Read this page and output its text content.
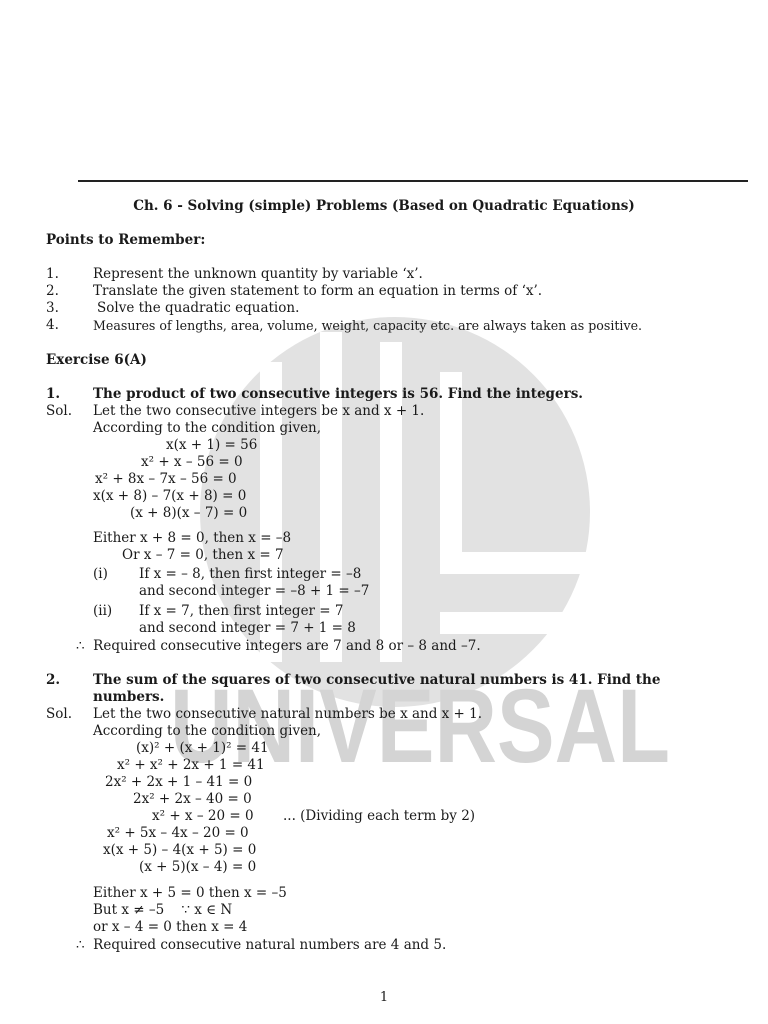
UNIVERSAL
Ch. 6 - Solving (simple) Problems (Based on Quadratic Equations)
Points to Remember:
1.	Represent the unknown quantity by variable ‘x’.
2.	Translate the given statement to form an equation in terms of ‘x’.
3.	Solve the quadratic equation.
4.	Measures of lengths, area, volume, weight, capacity etc. are always taken as positive.
Exercise 6(A)
1. The product of two consecutive integers is 56. Find the integers.
Sol. Let the two consecutive integers be x and x + 1.
According to the condition given,
x(x + 1) = 56
x² + x – 56 = 0
x² + 8x – 7x – 56 = 0
x(x + 8) – 7(x + 8) = 0
(x + 8)(x – 7) = 0
Either x + 8 = 0, then x = –8
Or x – 7 = 0, then x = 7
(i) If x = – 8, then first integer = –8
and second integer = –8 + 1 = –7
(ii) If x = 7, then first integer = 7
and second integer = 7 + 1 = 8
∴  Required consecutive integers are 7 and 8 or – 8 and –7.
2. The sum of the squares of two consecutive natural numbers is 41. Find the
numbers.
Sol. Let the two consecutive natural numbers be x and x + 1.
According to the condition given,
(x)² + (x + 1)² = 41
x² + x² + 2x + 1 = 41
2x² + 2x + 1 – 41 = 0
2x² + 2x – 40 = 0
x² + x – 20 = 0 ... (Dividing each term by 2)
x² + 5x – 4x – 20 = 0
x(x + 5) – 4(x + 5) = 0
(x + 5)(x – 4) = 0
Either x + 5 = 0 then x = –5
But x ≠ –5    ∵ x ∈ N
or x – 4 = 0 then x = 4
∴  Required consecutive natural numbers are 4 and 5.
1
